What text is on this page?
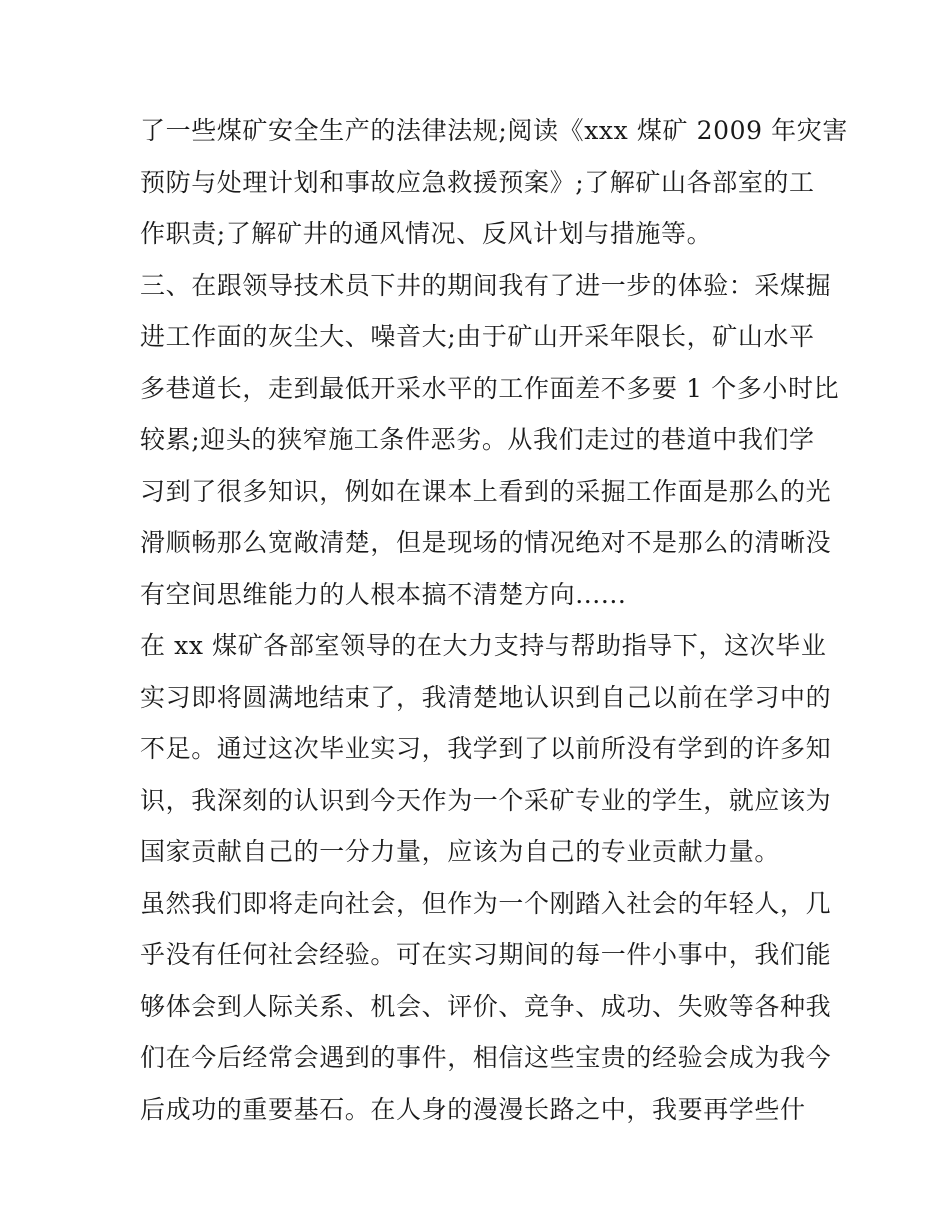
了一些煤矿安全生产的法律法规;阅读《xxx 煤矿 2009 年灾害
预防与处理计划和事故应急救援预案》;了解矿山各部室的工
作职责;了解矿井的通风情况、反风计划与措施等。
三、在跟领导技术员下井的期间我有了进一步的体验：采煤掘
进工作面的灰尘大、噪音大;由于矿山开采年限长，矿山水平
多巷道长，走到最低开采水平的工作面差不多要 1 个多小时比
较累;迎头的狭窄施工条件恶劣。从我们走过的巷道中我们学
习到了很多知识，例如在课本上看到的采掘工作面是那么的光
滑顺畅那么宽敞清楚，但是现场的情况绝对不是那么的清晰没
有空间思维能力的人根本搞不清楚方向......
在 xx 煤矿各部室领导的在大力支持与帮助指导下，这次毕业
实习即将圆满地结束了，我清楚地认识到自己以前在学习中的
不足。通过这次毕业实习，我学到了以前所没有学到的许多知
识，我深刻的认识到今天作为一个采矿专业的学生，就应该为
国家贡献自己的一分力量，应该为自己的专业贡献力量。
虽然我们即将走向社会，但作为一个刚踏入社会的年轻人，几
乎没有任何社会经验。可在实习期间的每一件小事中，我们能
够体会到人际关系、机会、评价、竞争、成功、失败等各种我
们在今后经常会遇到的事件，相信这些宝贵的经验会成为我今
后成功的重要基石。在人身的漫漫长路之中，我要再学些什
